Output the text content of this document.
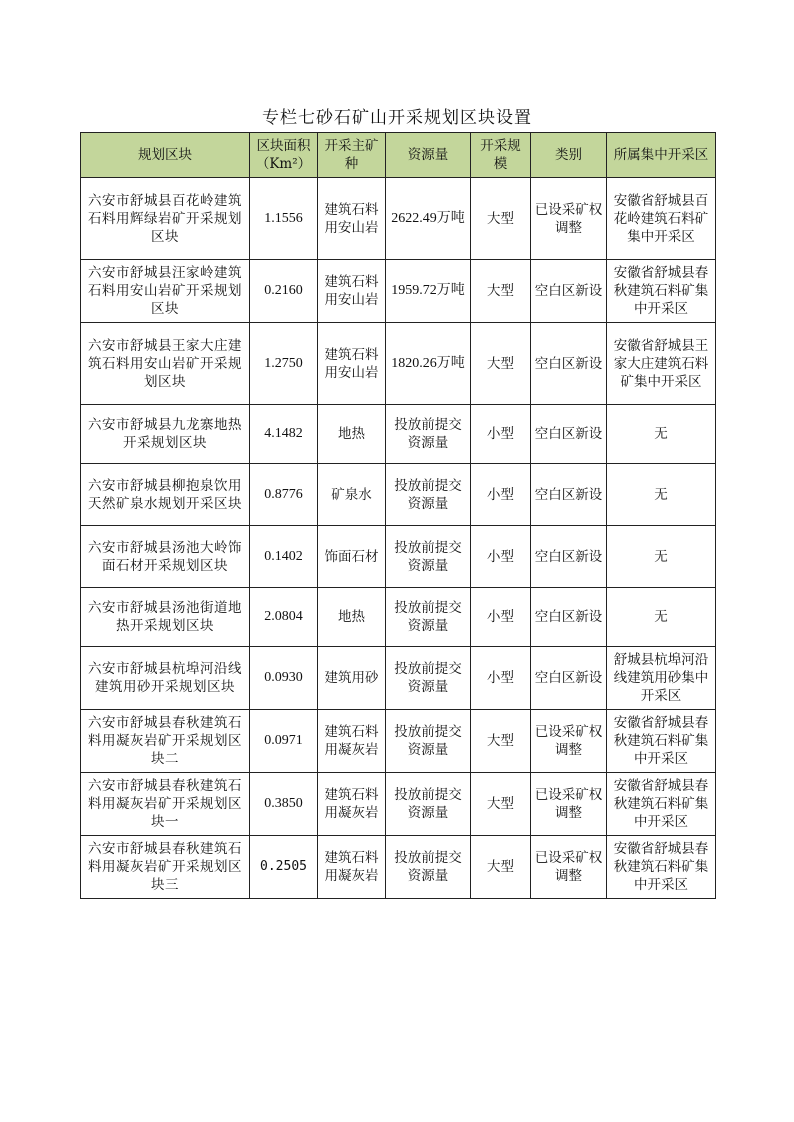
专栏七砂石矿山开采规划区块设置
规划区块	区块面积（Km²）	开采主矿种	资源量	开采规模	类别	所属集中开采区
六安市舒城县百花岭建筑石料用辉绿岩矿开采规划区块	1.1556	建筑石料用安山岩	2622.49万吨	大型	已设采矿权调整	安徽省舒城县百花岭建筑石料矿集中开采区
六安市舒城县汪家岭建筑石料用安山岩矿开采规划区块	0.2160	建筑石料用安山岩	1959.72万吨	大型	空白区新设	安徽省舒城县春秋建筑石料矿集中开采区
六安市舒城县王家大庄建筑石料用安山岩矿开采规划区块	1.2750	建筑石料用安山岩	1820.26万吨	大型	空白区新设	安徽省舒城县王家大庄建筑石料矿集中开采区
六安市舒城县九龙寨地热开采规划区块	4.1482	地热	投放前提交资源量	小型	空白区新设	无
六安市舒城县柳抱泉饮用天然矿泉水规划开采区块	0.8776	矿泉水	投放前提交资源量	小型	空白区新设	无
六安市舒城县汤池大岭饰面石材开采规划区块	0.1402	饰面石材	投放前提交资源量	小型	空白区新设	无
六安市舒城县汤池街道地热开采规划区块	2.0804	地热	投放前提交资源量	小型	空白区新设	无
六安市舒城县杭埠河沿线建筑用砂开采规划区块	0.0930	建筑用砂	投放前提交资源量	小型	空白区新设	舒城县杭埠河沿线建筑用砂集中开采区
六安市舒城县春秋建筑石料用凝灰岩矿开采规划区块二	0.0971	建筑石料用凝灰岩	投放前提交资源量	大型	已设采矿权调整	安徽省舒城县春秋建筑石料矿集中开采区
六安市舒城县春秋建筑石料用凝灰岩矿开采规划区块一	0.3850	建筑石料用凝灰岩	投放前提交资源量	大型	已设采矿权调整	安徽省舒城县春秋建筑石料矿集中开采区
六安市舒城县春秋建筑石料用凝灰岩矿开采规划区块三	0.2505	建筑石料用凝灰岩	投放前提交资源量	大型	已设采矿权调整	安徽省舒城县春秋建筑石料矿集中开采区
